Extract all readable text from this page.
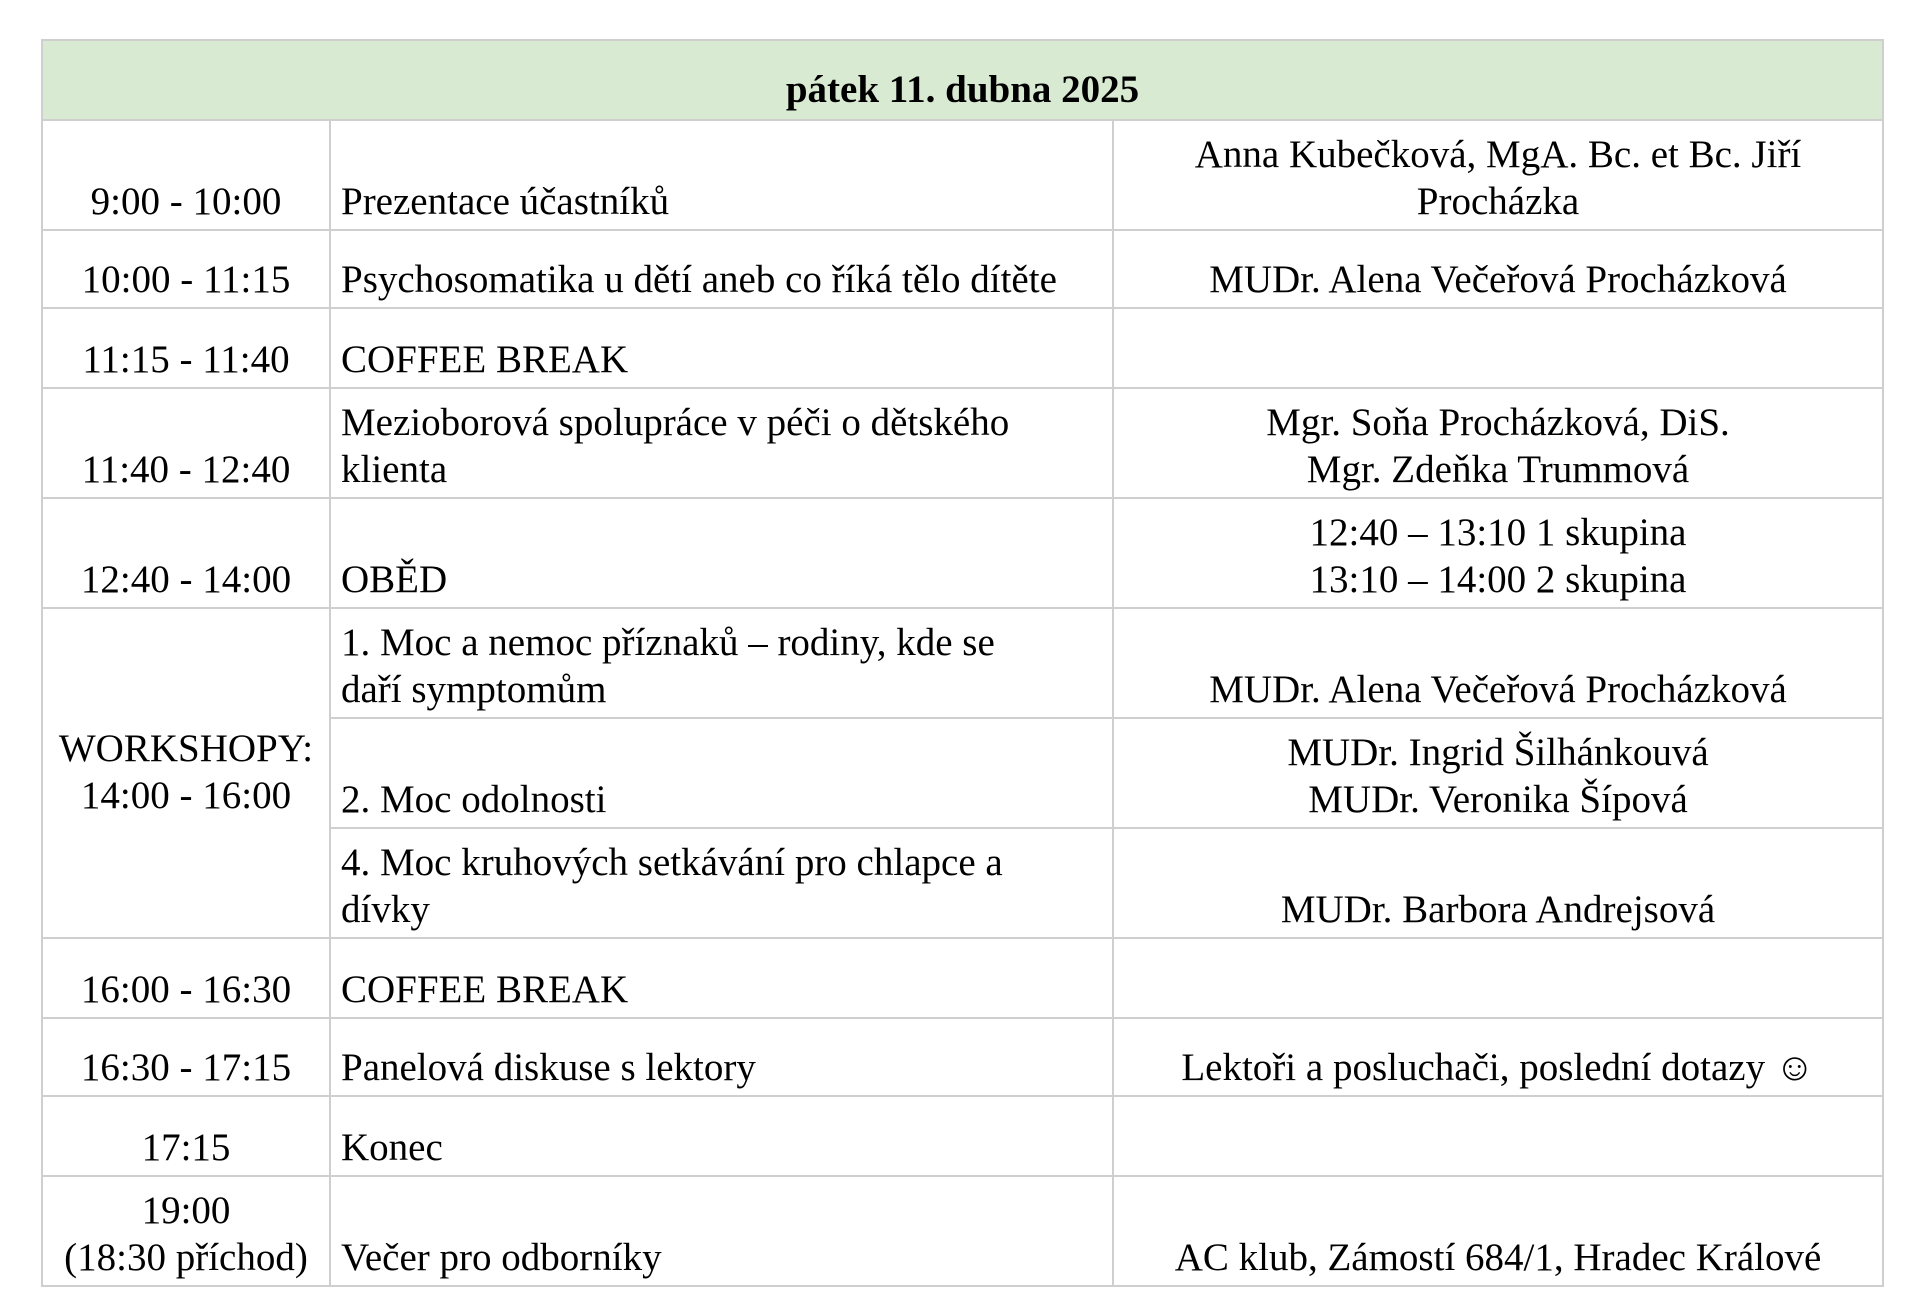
pátek 11. dubna 2025		
9:00 - 10:00	Prezentace účastníků	Anna Kubečková, MgA. Bc. et Bc. Jiří
Procházka

10:00 - 11:15	Psychosomatika u dětí aneb co říká tělo dítěte	MUDr. Alena Večeřová Procházková

11:15 - 11:40	COFFEE BREAK	
11:40 - 12:40	Mezioborová spolupráce v péči o dětského
klienta	Mgr. Soňa Procházková, DiS.
Mgr. Zdeňka Trummová

12:40 - 14:00	OBĚD	12:40 – 13:10 1 skupina
13:10 – 14:00 2 skupina

WORKSHOPY:
14:00 - 16:00	1. Moc a nemoc příznaků – rodiny, kde se
daří symptomům	MUDr. Alena Večeřová Procházková

	2. Moc odolnosti	MUDr. Ingrid Šilhánkouvá
MUDr. Veronika Šípová

	4. Moc kruhových setkávání pro chlapce a
dívky	MUDr. Barbora Andrejsová

16:00 - 16:30	COFFEE BREAK	
16:30 - 17:15	Panelová diskuse s lektory	Lektoři a posluchači, poslední dotazy ☺

17:15	Konec	

19:00
(18:30 příchod)	Večer pro odborníky	AC klub, Zámostí 684/1, Hradec Králové
